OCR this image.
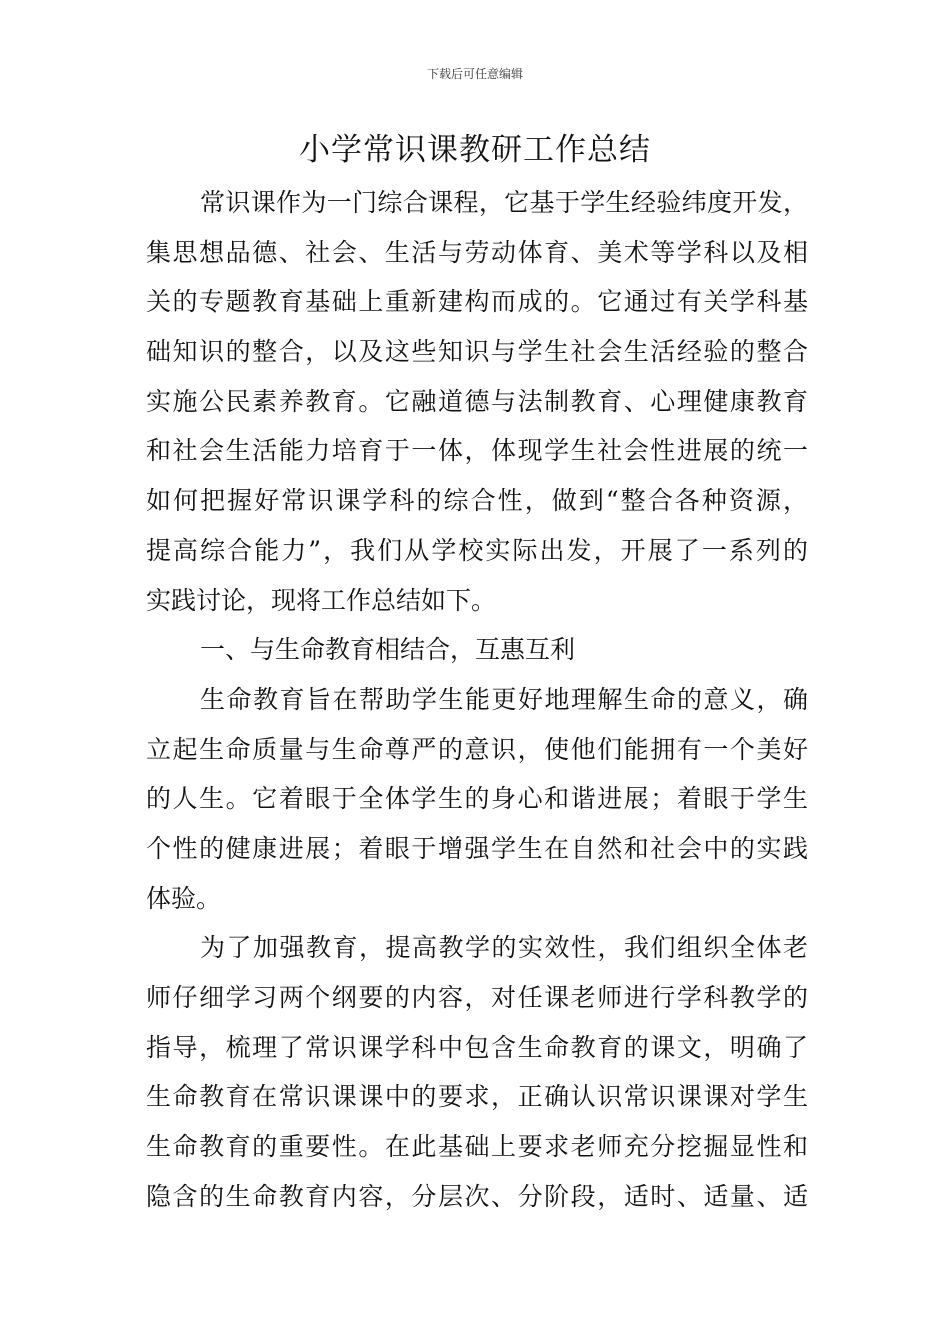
下载后可任意编辑
小学常识课教研工作总结
常识课作为一门综合课程，它基于学生经验纬度开发，
集思想品德、社会、生活与劳动体育、美术等学科以及相
关的专题教育基础上重新建构而成的。它通过有关学科基
础知识的整合，以及这些知识与学生社会生活经验的整合
实施公民素养教育。它融道德与法制教育、心理健康教育
和社会生活能力培育于一体，体现学生社会性进展的统一
如何把握好常识课学科的综合性，做到“整合各种资源，
提高综合能力”，我们从学校实际出发，开展了一系列的
实践讨论，现将工作总结如下。
一、与生命教育相结合，互惠互利
生命教育旨在帮助学生能更好地理解生命的意义，确
立起生命质量与生命尊严的意识，使他们能拥有一个美好
的人生。它着眼于全体学生的身心和谐进展；着眼于学生
个性的健康进展；着眼于增强学生在自然和社会中的实践
体验。
为了加强教育，提高教学的实效性，我们组织全体老
师仔细学习两个纲要的内容，对任课老师进行学科教学的
指导，梳理了常识课学科中包含生命教育的课文，明确了
生命教育在常识课课中的要求，正确认识常识课课对学生
生命教育的重要性。在此基础上要求老师充分挖掘显性和
隐含的生命教育内容，分层次、分阶段，适时、适量、适
